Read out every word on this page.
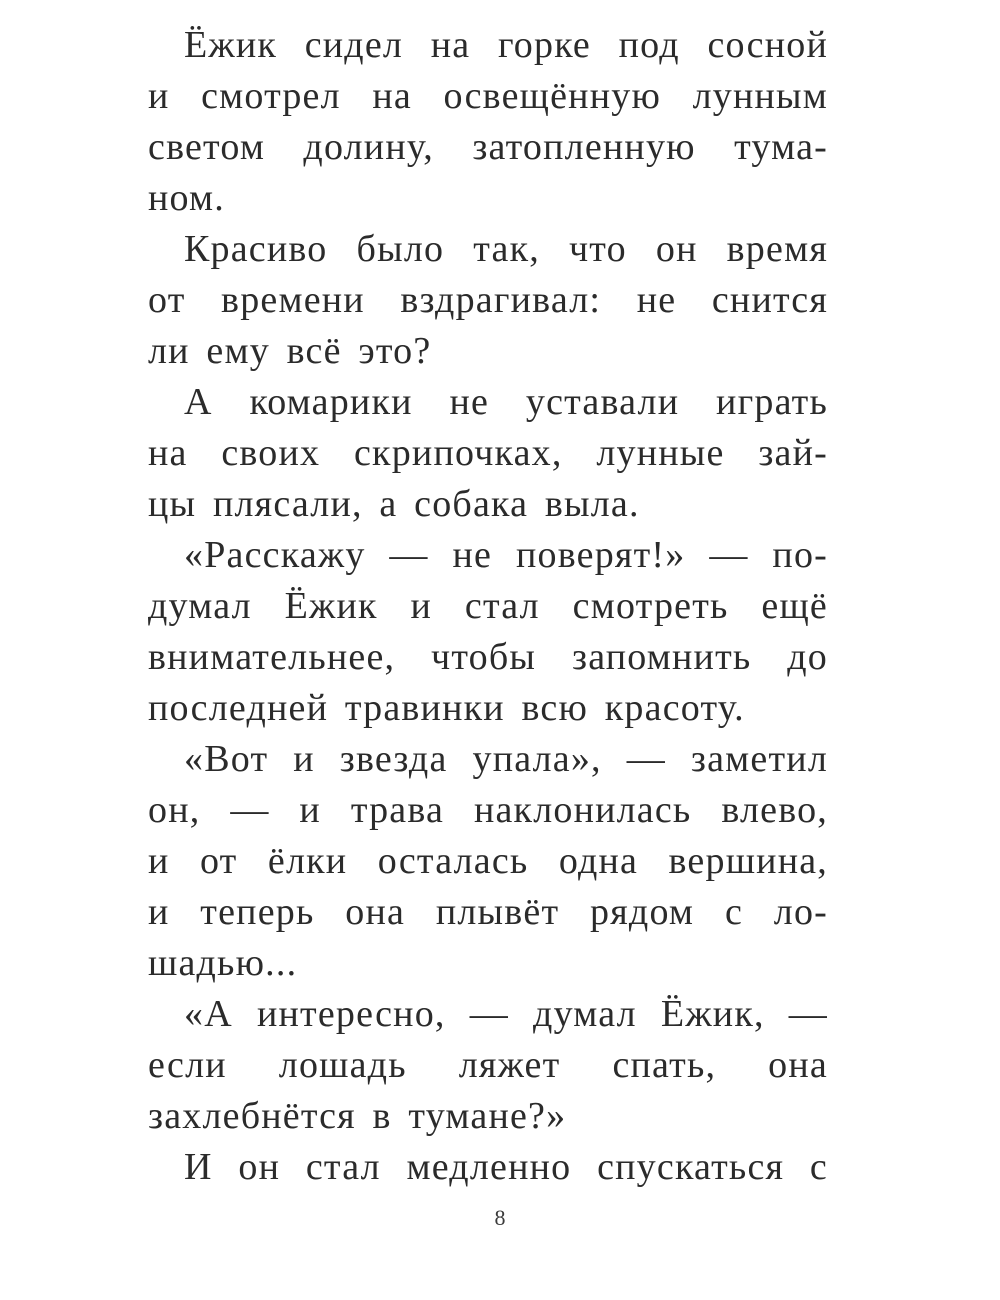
Ёжик сидел на горке под сосной
и смотрел на освещённую лунным
светом долину, затопленную тума-
ном.
Красиво было так, что он время
от времени вздрагивал: не снится
ли ему всё это?
А комарики не уставали играть
на своих скрипочках, лунные зай-
цы плясали, а собака выла.
«Расскажу — не поверят!» — по-
думал Ёжик и стал смотреть ещё
внимательнее, чтобы запомнить до
последней травинки всю красоту.
«Вот и звезда упала», — заметил
он, — и трава наклонилась влево,
и от ёлки осталась одна вершина,
и теперь она плывёт рядом с ло-
шадью...
«А интересно, — думал Ёжик, —
если лошадь ляжет спать, она
захлебнётся в тумане?»
И он стал медленно спускаться с
8
